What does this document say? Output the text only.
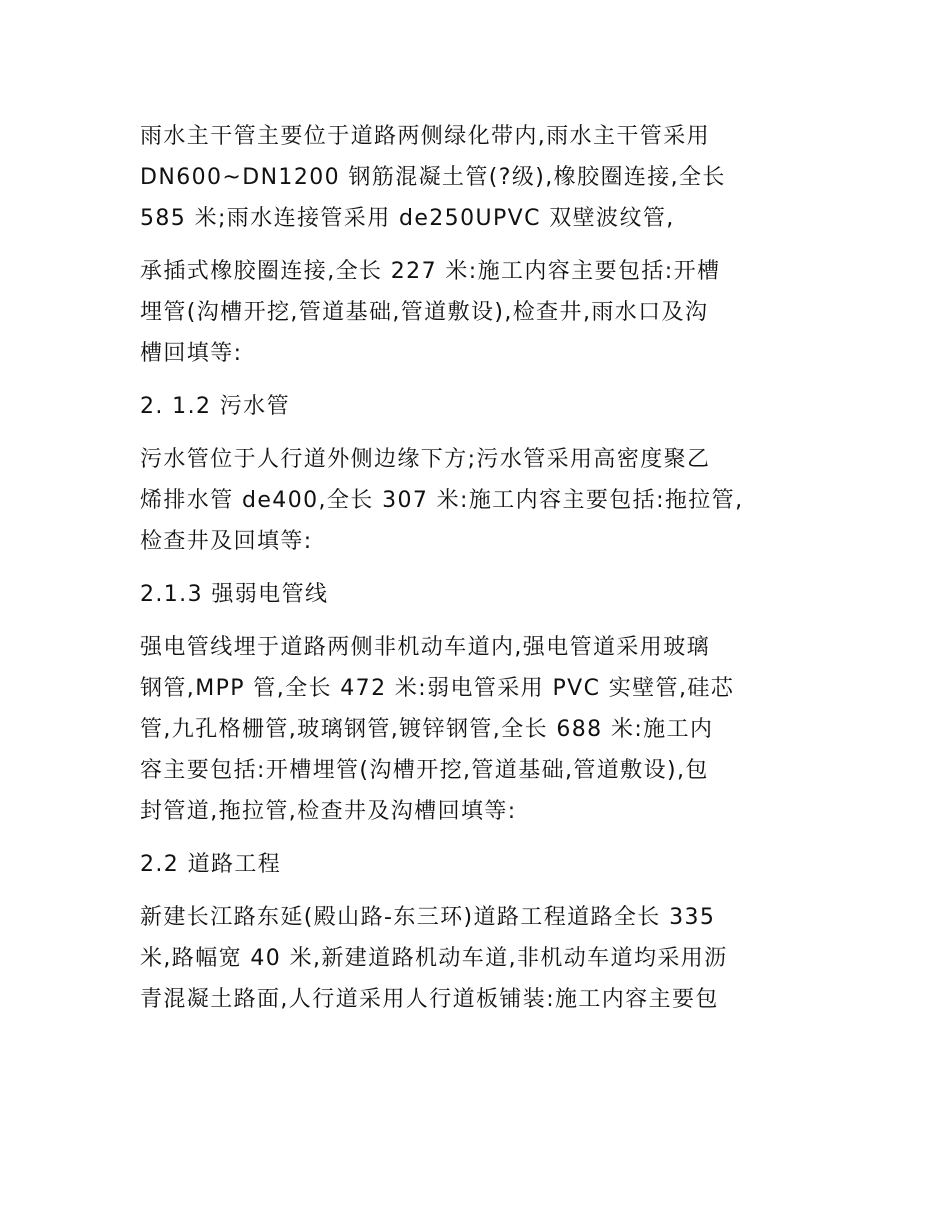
雨水主干管主要位于道路两侧绿化带内,雨水主干管采用
DN600~DN1200 钢筋混凝土管(?级),橡胶圈连接,全长
585 米;雨水连接管采用 de250UPVC 双壁波纹管,
承插式橡胶圈连接,全长 227 米:施工内容主要包括:开槽
埋管(沟槽开挖,管道基础,管道敷设),检查井,雨水口及沟
槽回填等:
2. 1.2 污水管
污水管位于人行道外侧边缘下方;污水管采用高密度聚乙
烯排水管 de400,全长 307 米:施工内容主要包括:拖拉管,
检查井及回填等:
2.1.3 强弱电管线
强电管线埋于道路两侧非机动车道内,强电管道采用玻璃
钢管,MPP 管,全长 472 米:弱电管采用 PVC 实壁管,硅芯
管,九孔格栅管,玻璃钢管,镀锌钢管,全长 688 米:施工内
容主要包括:开槽埋管(沟槽开挖,管道基础,管道敷设),包
封管道,拖拉管,检查井及沟槽回填等:
2.2 道路工程
新建长江路东延(殿山路-东三环)道路工程道路全长 335
米,路幅宽 40 米,新建道路机动车道,非机动车道均采用沥
青混凝土路面,人行道采用人行道板铺装:施工内容主要包
